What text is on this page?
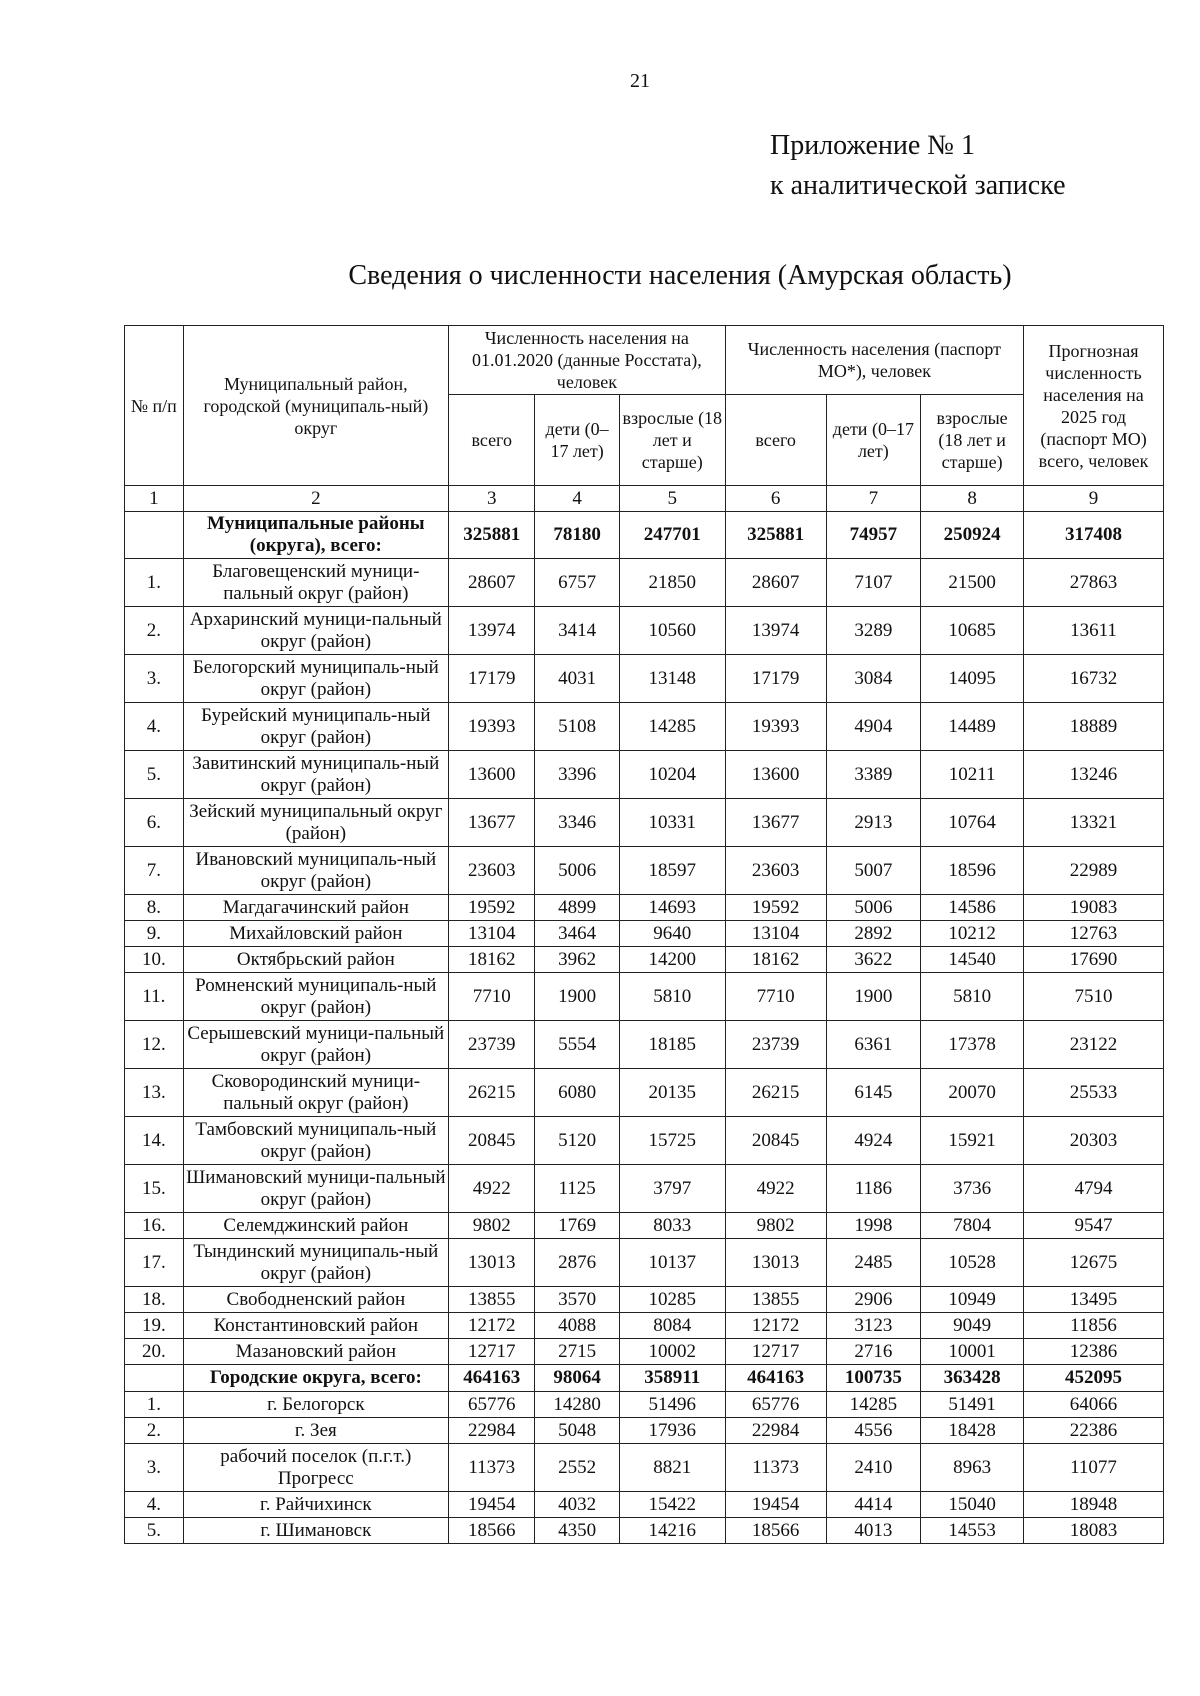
21
Приложение № 1
к аналитической записке
Сведения о численности населения (Амурская область)
№ п/п	Муниципальный район, городской (муниципаль-ный) округ	Численность населения на 01.01.2020 (данные Росстата), человек			Численность населения (паспорт МО*), человек			Прогнозная численность населения на 2025 год (паспорт МО) всего, человек
		всего	дети (0–17 лет)	взрослые (18 лет и старше)	всего	дети (0–17 лет)	взрослые (18 лет и старше)	
1	2	3	4	5	6	7	8	9
	Муниципальные районы (округа), всего:	325881	78180	247701	325881	74957	250924	317408
1.	Благовещенский муници-пальный округ (район)	28607	6757	21850	28607	7107	21500	27863
2.	Архаринский муници-пальный округ (район)	13974	3414	10560	13974	3289	10685	13611
3.	Белогорский муниципаль-ный округ (район)	17179	4031	13148	17179	3084	14095	16732
4.	Бурейский муниципаль-ный округ (район)	19393	5108	14285	19393	4904	14489	18889
5.	Завитинский муниципаль-ный округ (район)	13600	3396	10204	13600	3389	10211	13246
6.	Зейский муниципальный округ (район)	13677	3346	10331	13677	2913	10764	13321
7.	Ивановский муниципаль-ный округ (район)	23603	5006	18597	23603	5007	18596	22989
8.	Магдагачинский район	19592	4899	14693	19592	5006	14586	19083
9.	Михайловский район	13104	3464	9640	13104	2892	10212	12763
10.	Октябрьский район	18162	3962	14200	18162	3622	14540	17690
11.	Ромненский муниципаль-ный округ (район)	7710	1900	5810	7710	1900	5810	7510
12.	Серышевский муници-пальный округ (район)	23739	5554	18185	23739	6361	17378	23122
13.	Сковородинский муници-пальный округ (район)	26215	6080	20135	26215	6145	20070	25533
14.	Тамбовский муниципаль-ный округ (район)	20845	5120	15725	20845	4924	15921	20303
15.	Шимановский муници-пальный округ (район)	4922	1125	3797	4922	1186	3736	4794
16.	Селемджинский район	9802	1769	8033	9802	1998	7804	9547
17.	Тындинский муниципаль-ный округ (район)	13013	2876	10137	13013	2485	10528	12675
18.	Свободненский район	13855	3570	10285	13855	2906	10949	13495
19.	Константиновский район	12172	4088	8084	12172	3123	9049	11856
20.	Мазановский район	12717	2715	10002	12717	2716	10001	12386
	Городские округа, всего:	464163	98064	358911	464163	100735	363428	452095
1.	г. Белогорск	65776	14280	51496	65776	14285	51491	64066
2.	г. Зея	22984	5048	17936	22984	4556	18428	22386
3.	рабочий поселок (п.г.т.) Прогресс	11373	2552	8821	11373	2410	8963	11077
4.	г. Райчихинск	19454	4032	15422	19454	4414	15040	18948
5.	г. Шимановск	18566	4350	14216	18566	4013	14553	18083
